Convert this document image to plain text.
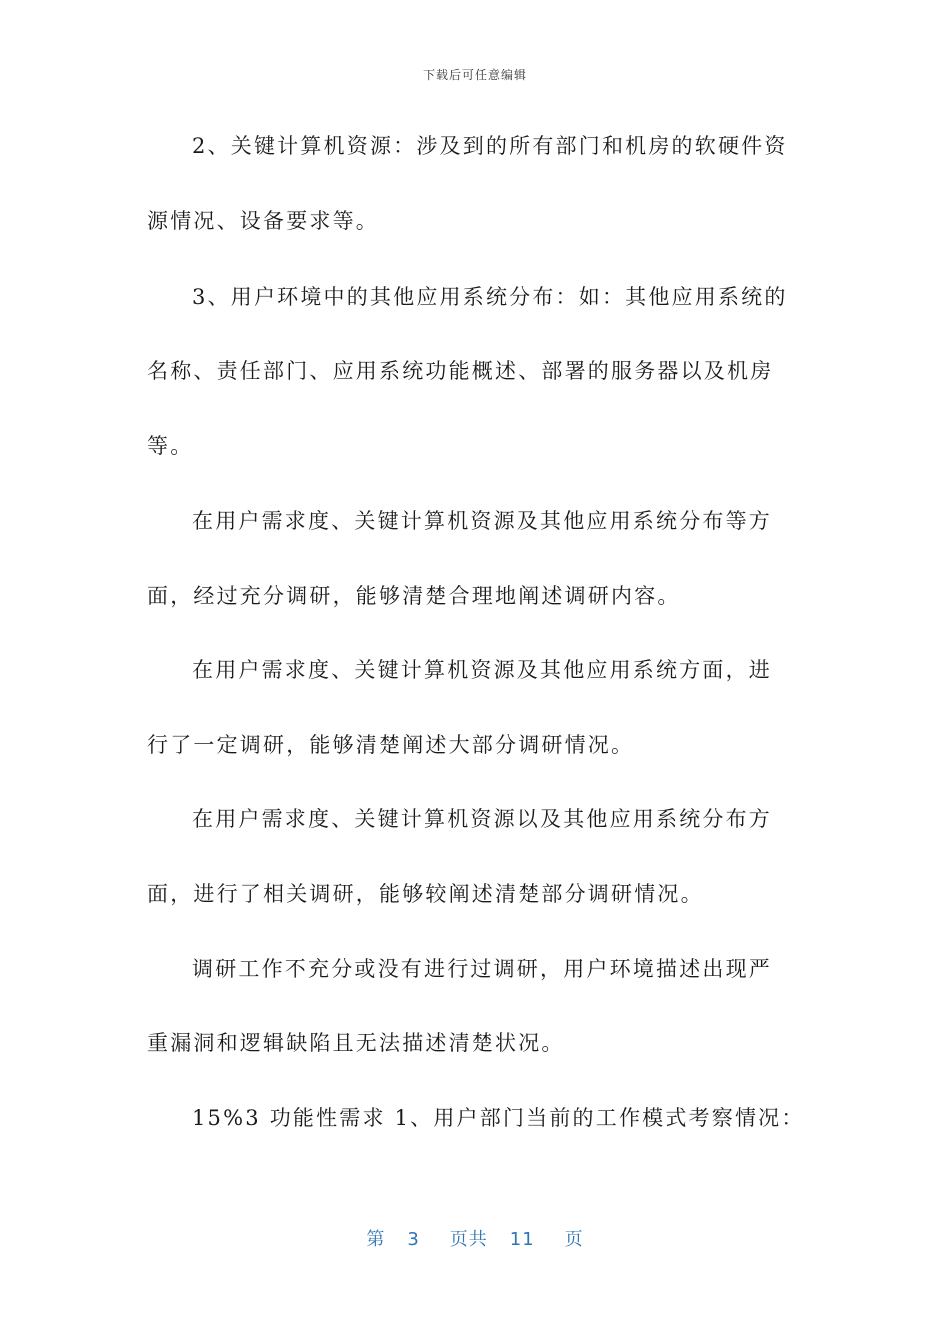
下载后可任意编辑
2、关键计算机资源：涉及到的所有部门和机房的软硬件资
源情况、设备要求等。
3、用户环境中的其他应用系统分布：如：其他应用系统的
名称、责任部门、应用系统功能概述、部署的服务器以及机房
等。
在用户需求度、关键计算机资源及其他应用系统分布等方
面，经过充分调研，能够清楚合理地阐述调研内容。
在用户需求度、关键计算机资源及其他应用系统方面，进
行了一定调研，能够清楚阐述大部分调研情况。
在用户需求度、关键计算机资源以及其他应用系统分布方
面，进行了相关调研，能够较阐述清楚部分调研情况。
调研工作不充分或没有进行过调研，用户环境描述出现严
重漏洞和逻辑缺陷且无法描述清楚状况。
15%3 功能性需求 1、用户部门当前的工作模式考察情况：
第 3 页共 11 页
